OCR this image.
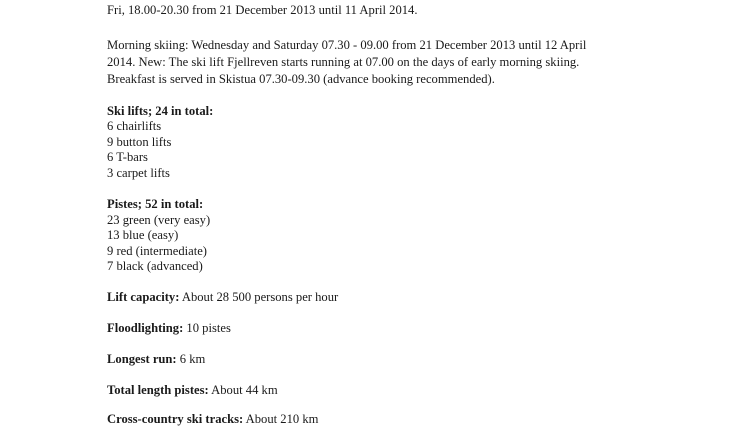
Fri, 18.00-20.30 from 21 December 2013 until 11 April 2014.
Morning skiing: Wednesday and Saturday 07.30 - 09.00 from 21 December 2013 until 12 April
2014. New: The ski lift Fjellreven starts running at 07.00 on the days of early morning skiing.
Breakfast is served in Skistua 07.30-09.30 (advance booking recommended).
Ski lifts; 24 in total:
6 chairlifts
9 button lifts
6 T-bars
3 carpet lifts
Pistes; 52 in total:
23 green (very easy)
13 blue (easy)
9 red (intermediate)
7 black (advanced)
Lift capacity: About 28 500 persons per hour
Floodlighting: 10 pistes
Longest run: 6 km
Total length pistes: About 44 km
Cross-country ski tracks: About 210 km
